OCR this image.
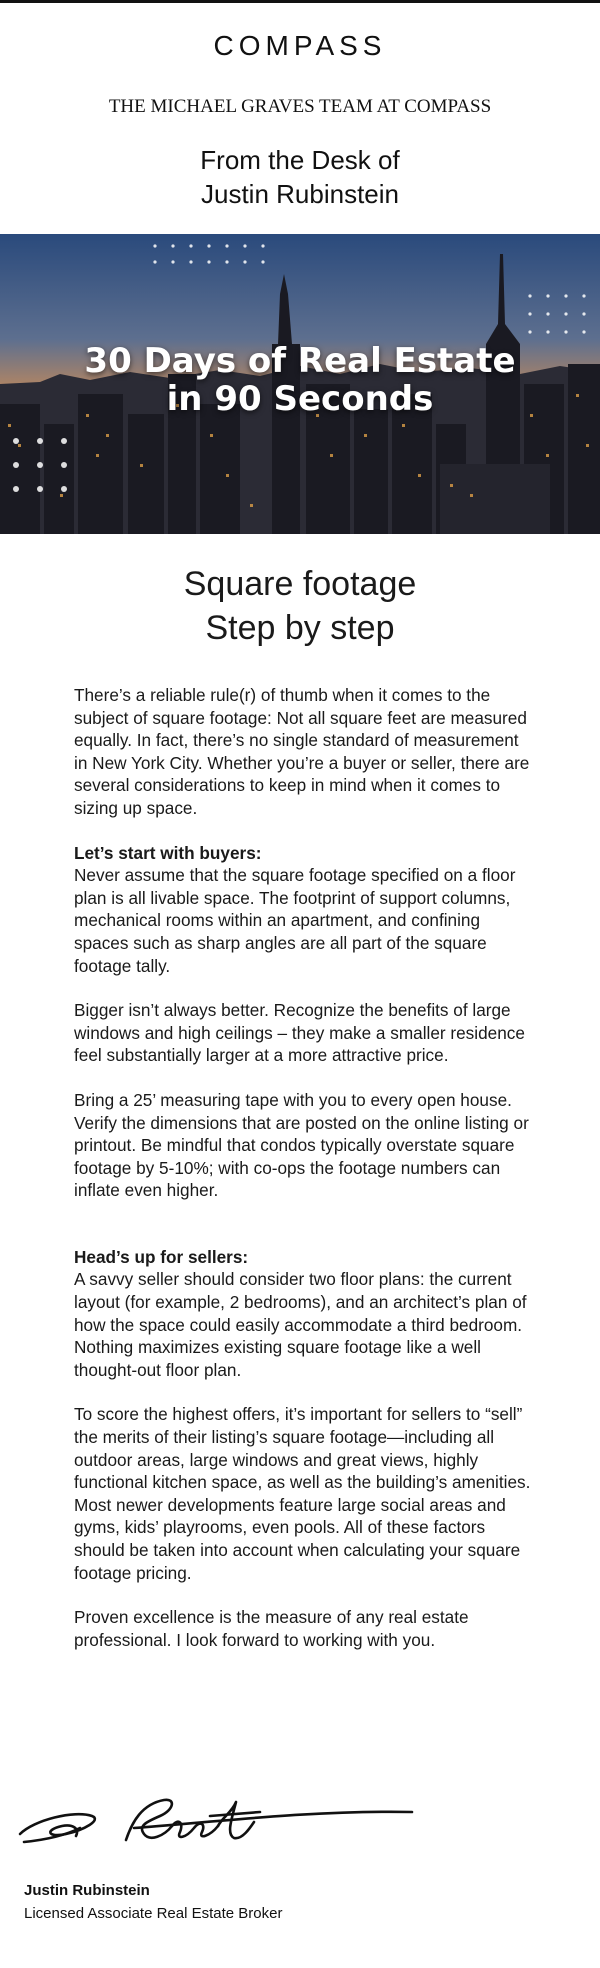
COMPASS
THE MICHAEL GRAVES TEAM AT COMPASS
From the Desk of
Justin Rubinstein
30 Days of Real Estate
in 90 Seconds
Square footage
Step by step

There’s a reliable rule(r) of thumb when it comes to the subject of square footage: Not all square feet are measured equally. In fact, there’s no single standard of measurement in New York City. Whether you’re a buyer or seller, there are several considerations to keep in mind when it comes to sizing up space.

Let’s start with buyers:

Never assume that the square footage specified on a floor plan is all livable space. The footprint of support columns, mechanical rooms within an apartment, and confining spaces such as sharp angles are all part of the square footage tally.

Bigger isn’t always better. Recognize the benefits of large windows and high ceilings – they make a smaller residence feel substantially larger at a more attractive price.

Bring a 25’ measuring tape with you to every open house. Verify the dimensions that are posted on the online listing or printout. Be mindful that condos typically overstate square footage by 5-10%; with co-ops the footage numbers can inflate even higher.

Head’s up for sellers:

A savvy seller should consider two floor plans: the current layout (for example, 2 bedrooms), and an architect’s plan of how the space could easily accommodate a third bedroom. Nothing maximizes existing square footage like a well thought-out floor plan.

To score the highest offers, it’s important for sellers to “sell” the merits of their listing’s square footage—including all outdoor areas, large windows and great views, highly functional kitchen space, as well as the building’s amenities. Most newer developments feature large social areas and gyms, kids’ playrooms, even pools. All of these factors should be taken into account when calculating your square footage pricing.

Proven excellence is the measure of any real estate professional. I look forward to working with you.

Justin Rubinstein
Licensed Associate Real Estate Broker
